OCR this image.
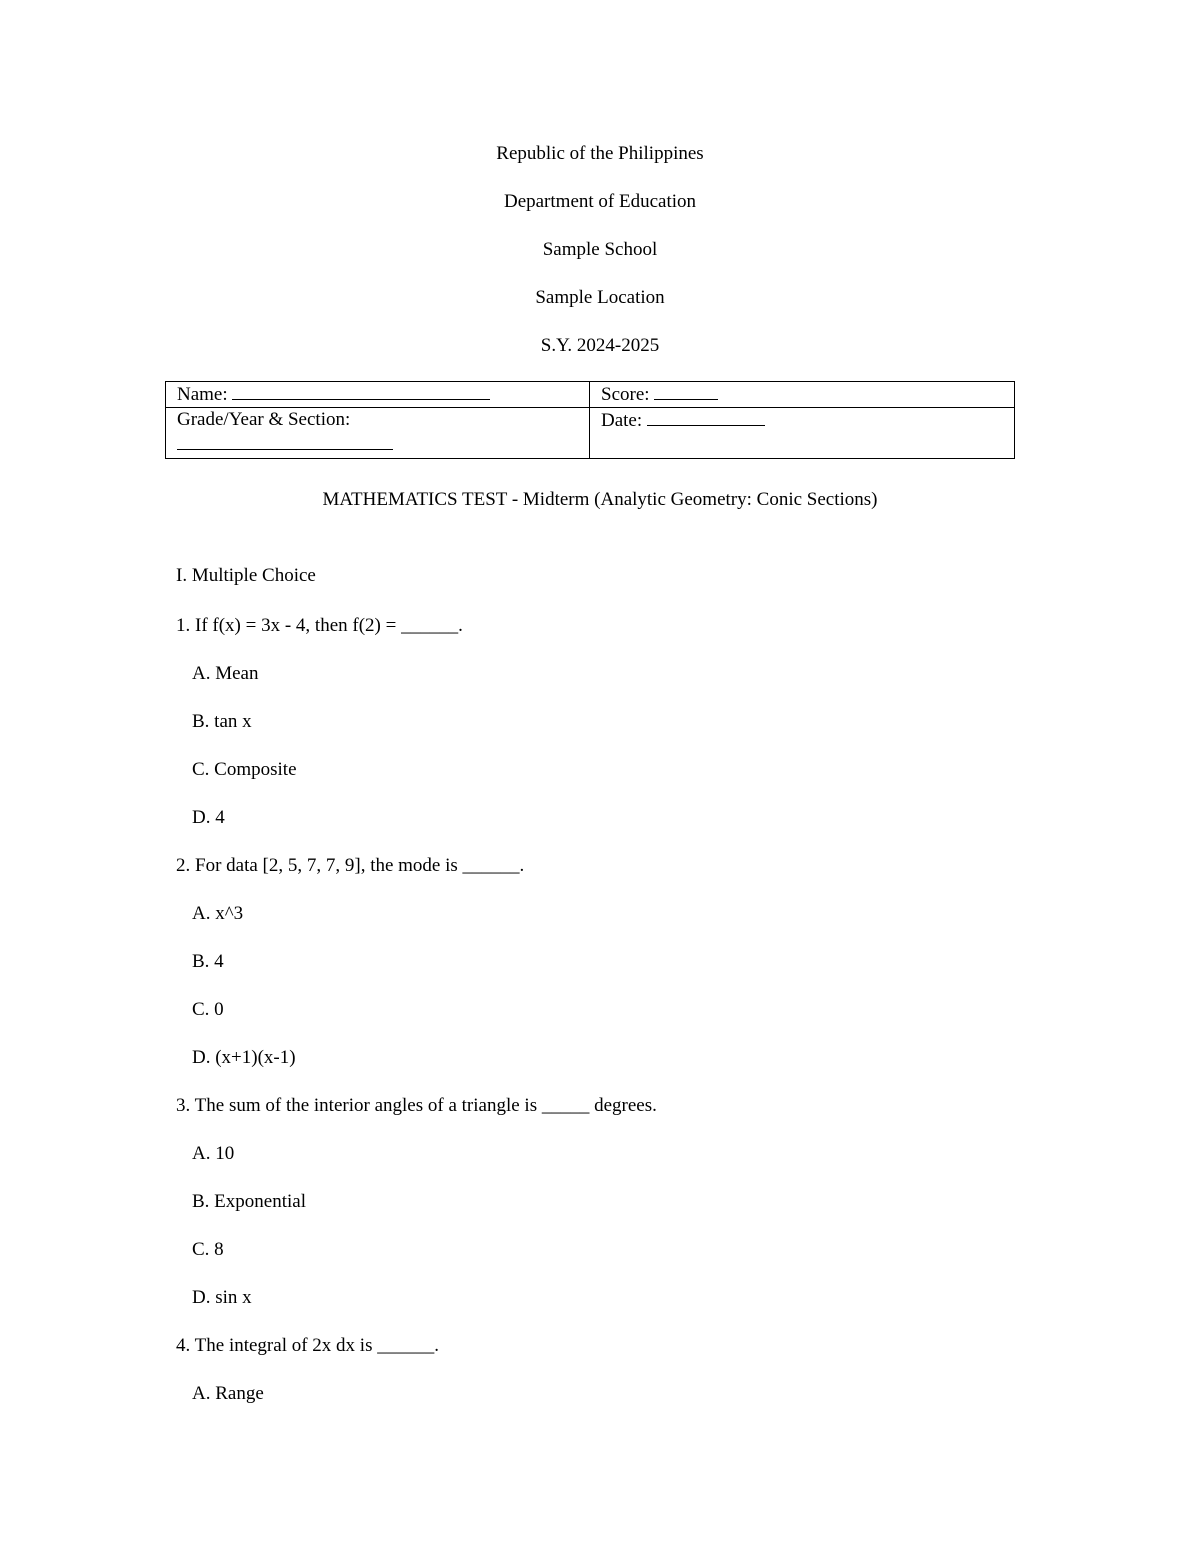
Republic of the Philippines
Department of Education
Sample School
Sample Location
S.Y. 2024-2025
Name:	Score:
Grade/Year & Section:	Date:
MATHEMATICS TEST - Midterm (Analytic Geometry: Conic Sections)
I. Multiple Choice
1. If f(x) = 3x - 4, then f(2) = ______.
A. Mean
B. tan x
C. Composite
D. 4
2. For data [2, 5, 7, 7, 9], the mode is ______.
A. x^3
B. 4
C. 0
D. (x+1)(x-1)
3. The sum of the interior angles of a triangle is _____ degrees.
A. 10
B. Exponential
C. 8
D. sin x
4. The integral of 2x dx is ______.
A. Range
